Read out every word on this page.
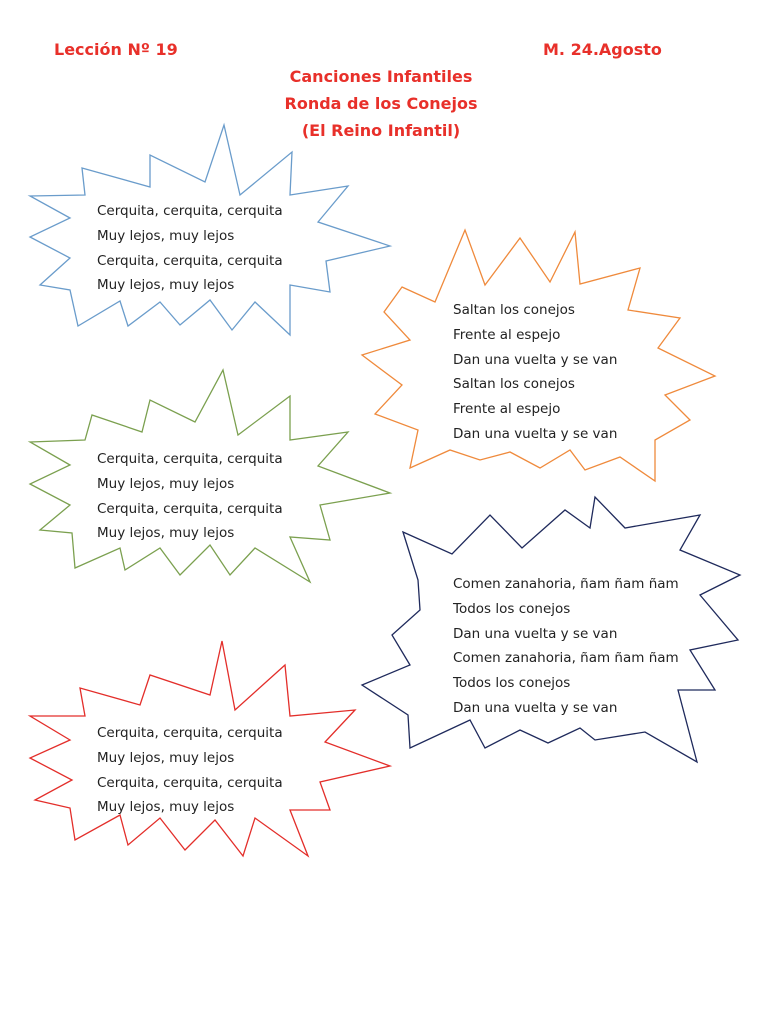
Lección Nº 19	M. 24.Agosto
Canciones Infantiles
Ronda de los Conejos
(El Reino Infantil)
Cerquita, cerquita, cerquita
Muy lejos, muy lejos
Cerquita, cerquita, cerquita
Muy lejos, muy lejos
Saltan los conejos
Frente al espejo
Dan una vuelta y se van
Saltan los conejos
Frente al espejo
Dan una vuelta y se van
Cerquita, cerquita, cerquita
Muy lejos, muy lejos
Cerquita, cerquita, cerquita
Muy lejos, muy lejos
Comen zanahoria, ñam ñam ñam
Todos los conejos
Dan una vuelta y se van
Comen zanahoria, ñam ñam ñam
Todos los conejos
Dan una vuelta y se van
Cerquita, cerquita, cerquita
Muy lejos, muy lejos
Cerquita, cerquita, cerquita
Muy lejos, muy lejos
